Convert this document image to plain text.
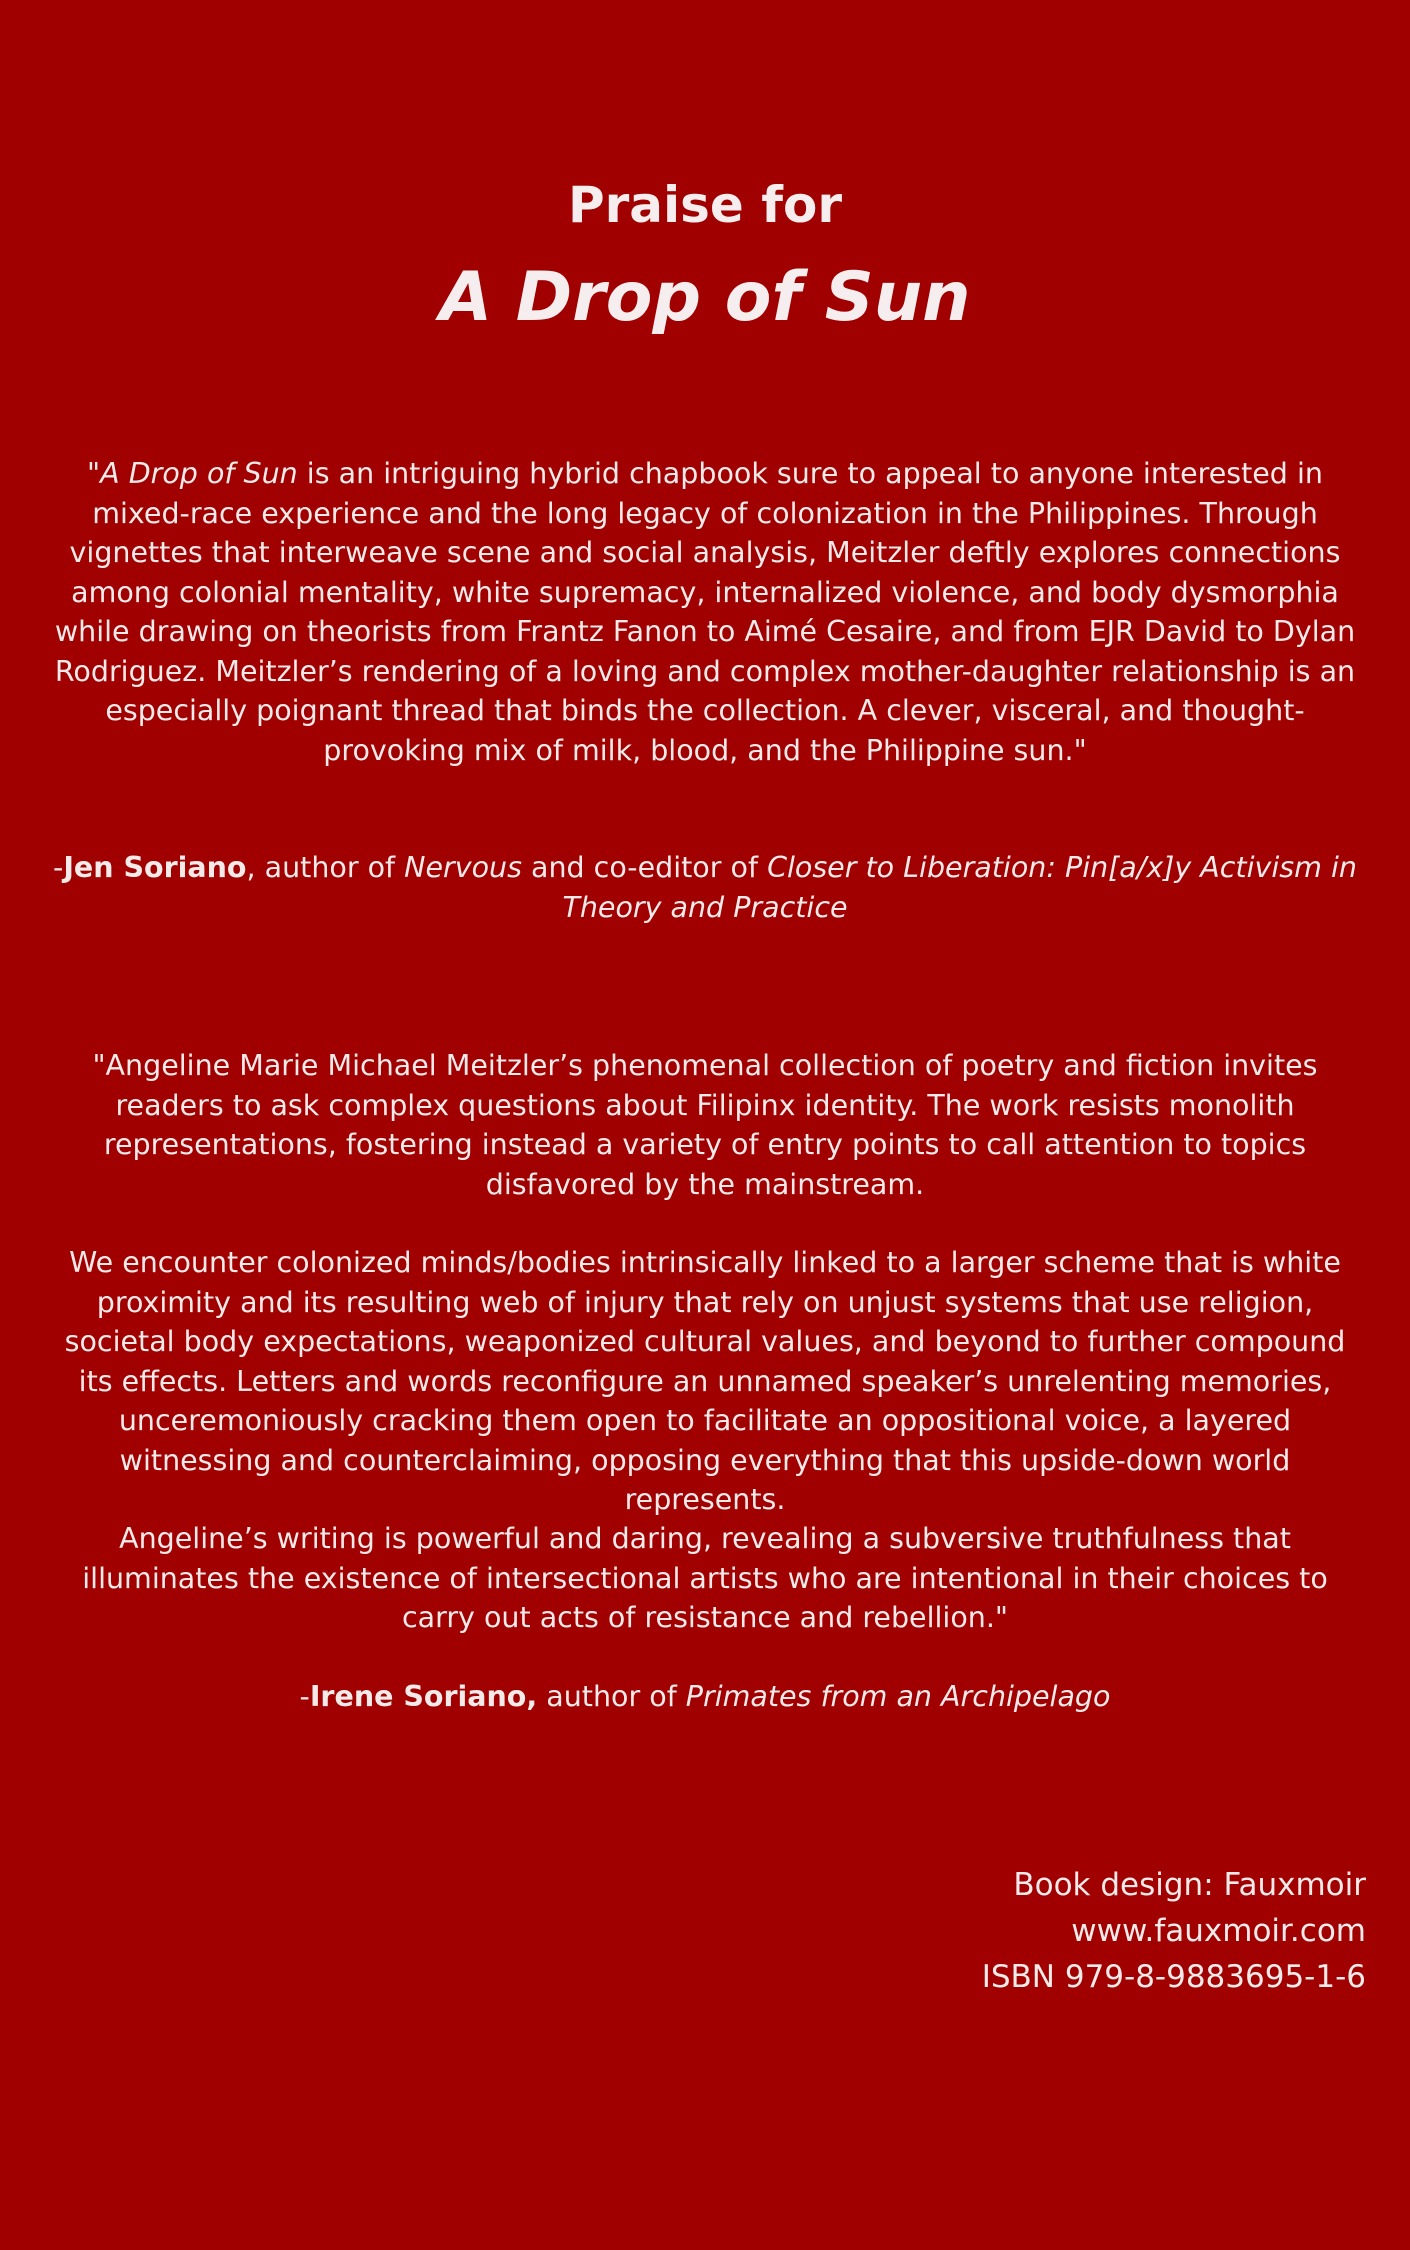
Praise for
A Drop of Sun

"A Drop of Sun is an intriguing hybrid chapbook sure to appeal to anyone interested in mixed-race experience and the long legacy of colonization in the Philippines. Through vignettes that interweave scene and social analysis, Meitzler deftly explores connections among colonial mentality, white supremacy, internalized violence, and body dysmorphia while drawing on theorists from Frantz Fanon to Aimé Cesaire, and from EJR David to Dylan Rodriguez. Meitzler’s rendering of a loving and complex mother-daughter relationship is an especially poignant thread that binds the collection. A clever, visceral, and thought-provoking mix of milk, blood, and the Philippine sun."

-Jen Soriano, author of Nervous and co-editor of Closer to Liberation: Pin[a/x]y Activism in Theory and Practice

"Angeline Marie Michael Meitzler’s phenomenal collection of poetry and fiction invites readers to ask complex questions about Filipinx identity. The work resists monolith representations, fostering instead a variety of entry points to call attention to topics disfavored by the mainstream.

We encounter colonized minds/bodies intrinsically linked to a larger scheme that is white proximity and its resulting web of injury that rely on unjust systems that use religion, societal body expectations, weaponized cultural values, and beyond to further compound its effects. Letters and words reconfigure an unnamed speaker’s unrelenting memories, unceremoniously cracking them open to facilitate an oppositional voice, a layered witnessing and counterclaiming, opposing everything that this upside-down world represents.

Angeline’s writing is powerful and daring, revealing a subversive truthfulness that illuminates the existence of intersectional artists who are intentional in their choices to carry out acts of resistance and rebellion."

-Irene Soriano, author of Primates from an Archipelago

Book design: Fauxmoir
www.fauxmoir.com
ISBN 979-8-9883695-1-6
